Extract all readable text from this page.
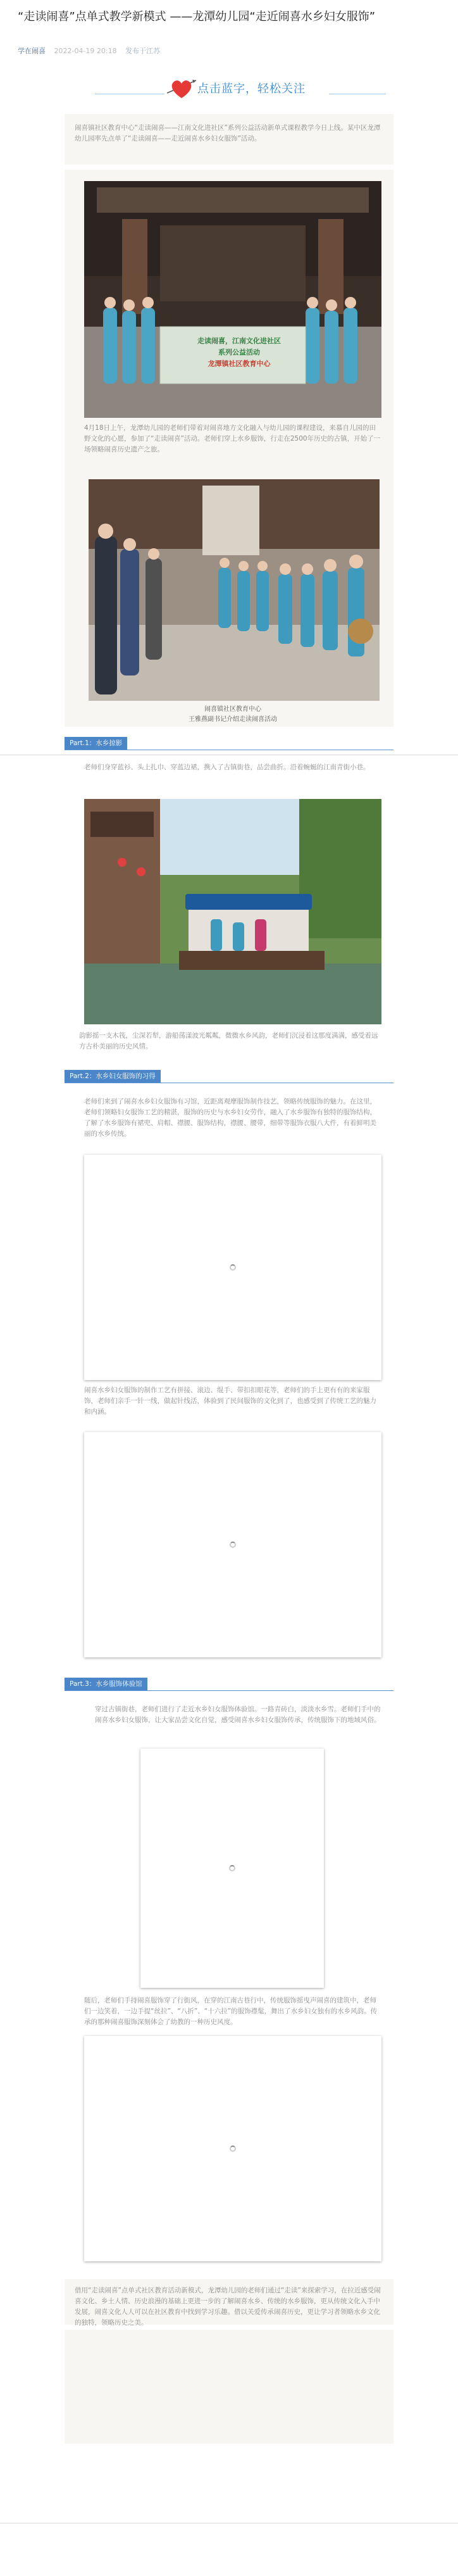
“走读闹喜”点单式教学新模式 ——龙潭幼儿园“走近闹喜水乡妇女服饰”
学在闹喜 2022-04-19 20:18 发布于江苏
点击蓝字，轻松关注
闹喜镇社区教育中心“走读闹喜——江南文化进社区”系列公益活动新单式课程教学今日上线。某中区龙潭幼儿园率先点单了“走读闹喜——走近闹喜水乡妇女服饰”活动。
走读闹喜，江南文化进社区
系列公益活动
龙潭镇社区教育中心
4月18日上午，龙潭幼儿园的老师们带着对闹喜地方文化融入与幼儿园的课程建设，来慕自儿园的田野文化的心愿，参加了“走读闹喜”活动。老师们穿上水乡服饰，行走在2500年历史的古镇，开始了一场领略闹喜历史遗产之旅。
闹喜镇社区教育中心
王雅燕副书记介绍走读闹喜活动
Part.1：水乡掠影
老师们身穿蓝衫、头上扎巾、穿蓝边裙，携入了古镇街巷，品尝曲折。沿着蜿蜒的江南青街小巷。
韵影摇一支木筏，尘深若犁，游船荡漾波光粼粼，微微水乡风韵，老师们沉浸着这那度满满，感受着远方古朴美丽的历史风情。
Part.2：水乡妇女服饰的习得
老师们来到了闹喜水乡妇女服饰有习馆，近距离观摩服饰制作技艺，领略传统服饰的魅力。在这里，老师们领略妇女服饰工艺的精湛，服饰的历史与水乡妇女劳作，融入了水乡服饰有独特的服饰结构，了解了水乡服饰有裙兜、肩帽、襟腰、服饰结构，襟腰、腰带，细带等服饰衣服八大件，有着鲜明美丽的水乡传统。
闹喜水乡妇女服饰的制作工艺有拼接、滚边、绲手、带扣扣眼花等，老师们的手上更有有的来家服饰，老师们亲手一针一线，做起针线活，体验到了民间服饰的文化到了，也感受到了传统工艺的魅力和内涵。
Part.3：水乡服饰体验馆
穿过古镇街巷，老师们进行了走近水乡妇女服饰体验馆。一路青砖白，淡淡水乡雪。老师们手中的闹喜水乡妇女服饰，让大家品尝文化自觉，感受闹喜水乡妇女服饰传承，传统服饰下的地域风俗。
随后，老师们手持闹喜服饰穿了行街风，在穿的江南古巷行中，传统服饰摇曳声闹喜的建筑中，老师们一边笑着，一边手提“丝拉”、“八折”、“十六拉”的服饰襟髦，舞出了水乡妇女独有的水乡风韵。传承的那种闹喜服饰深刻体会了幼教的一种历史风度。
借用“走读闹喜”点单式社区教育活动新模式，龙潭幼儿园的老师们通过“走读”来探索学习，在拉近感受闹喜文化、乡土人情、历史浪漫的基础上更进一步的了解闹喜水乡、传统的水乡服饰，更从传统文化入手中发展，闹喜文化人人可以在社区教育中找到学习乐趣。借以关爱传承闹喜历史，更让学习者领略水乡文化的独特，领略历史之美。
